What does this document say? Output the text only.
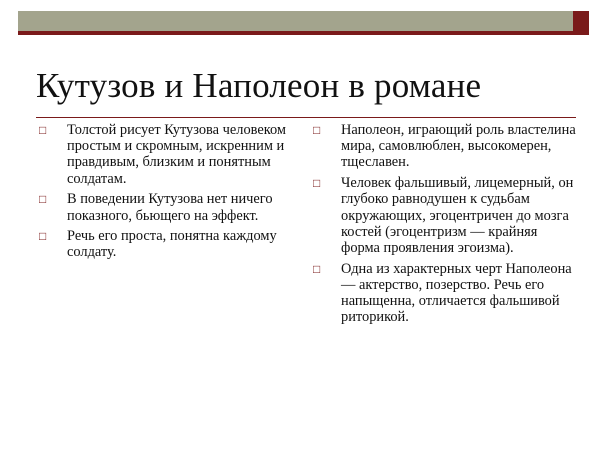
Кутузов и Наполеон в романе
□ Толстой рисует Кутузова человеком простым и скромным, искренним и правдивым, близким и понятным солдатам.
□ В поведении Кутузова нет ничего показного, бьющего на эффект.
□ Речь его проста, понятна каждому солдату.
□ Наполеон, играющий роль властелина мира, самовлюблен, высокомерен, тщеславен.
□ Человек фальшивый, лицемерный, он глубоко равнодушен к судьбам окружающих, эгоцентричен до мозга костей (эгоцентризм — крайняя форма проявления эгоизма).
□ Одна из характерных черт Наполеона — актерство, позерство. Речь его напыщенна, отличается фальшивой риторикой.
